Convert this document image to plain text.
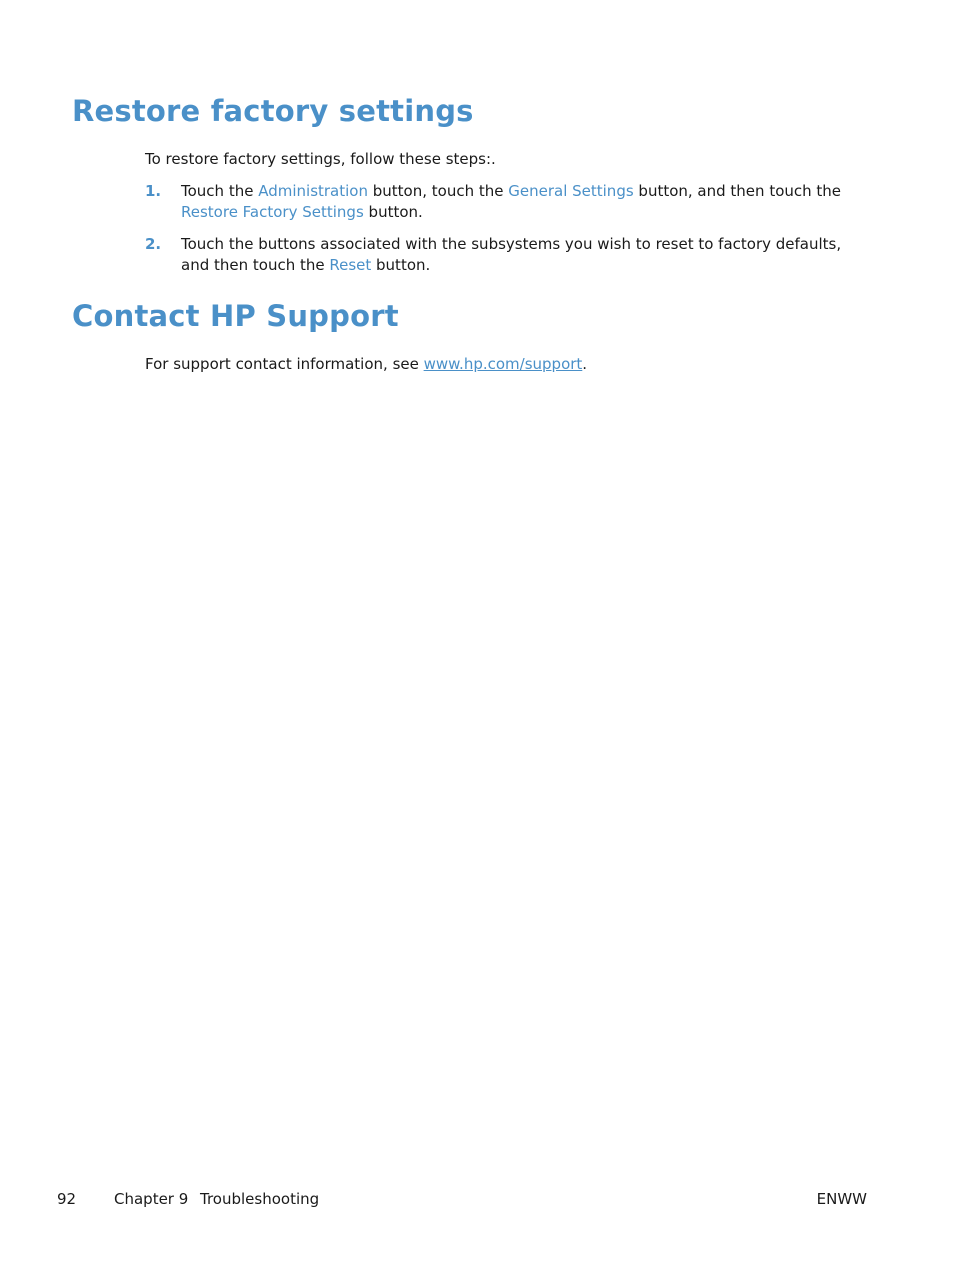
Restore factory settings

To restore factory settings, follow these steps:.

1. Touch the Administration button, touch the General Settings button, and then touch the Restore Factory Settings button.
2. Touch the buttons associated with the subsystems you wish to reset to factory defaults, and then touch the Reset button.
Contact HP Support

For support contact information, see www.hp.com/support.

92	Chapter 9 Troubleshooting	ENWW
